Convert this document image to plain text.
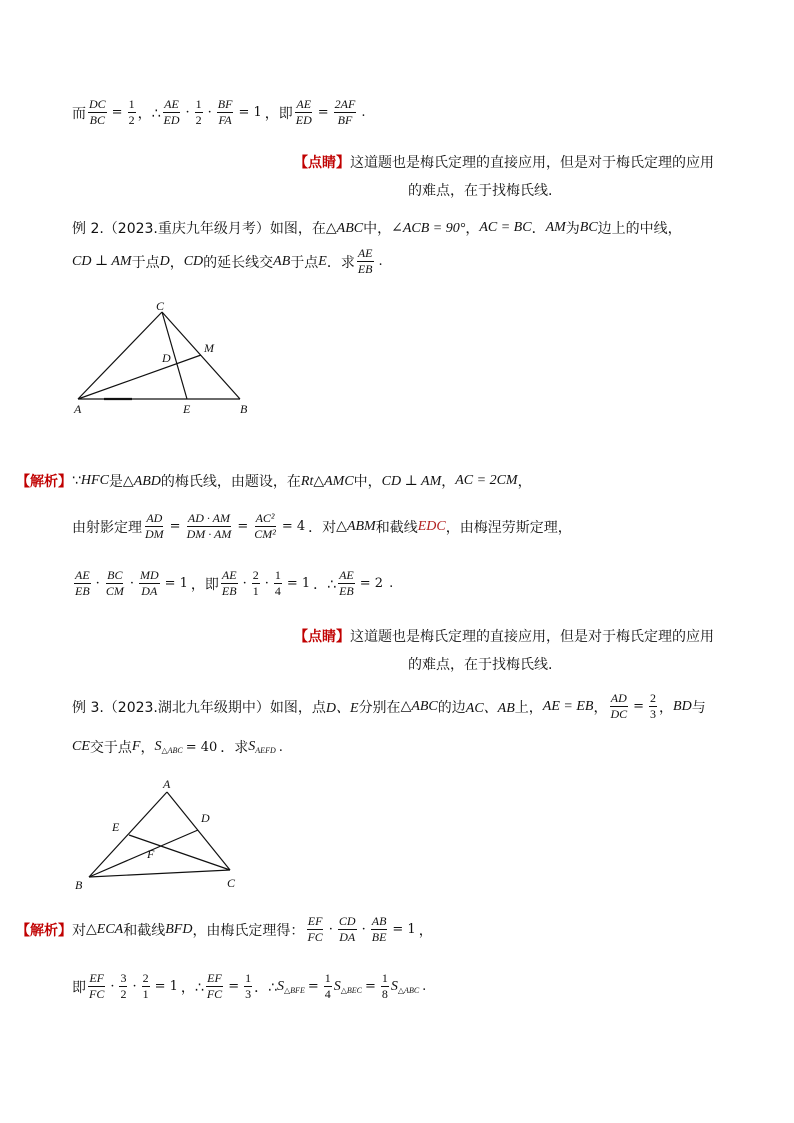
而 $\frac{DC}{BC} = \frac{1}{2}$ ，∴ $\frac{AE}{ED} \cdot \frac{1}{2} \cdot \frac{BF}{FA} = 1$ ，即 $\frac{AE}{ED} = \frac{2AF}{BF}$ .
【点睛】 这道题也是梅氏定理的直接应用，但是对于梅氏定理的应用
的难点，在于找梅氏线.
例 2.（2023.重庆九年级月考）如图，在 △ABC 中， ∠ACB = 90° ， AC = BC ． AM 为 BC 边上的中线，
CD ⊥ AM 于点 D ， CD 的延长线交 AB 于点 E ．求 $\frac{AE}{EB}$ .
C
M
D
A	E	B
【解析】 ∵ HFC 是 △ABD 的梅氏线，由题设，在 Rt△AMC 中， CD ⊥ AM ， AC = 2CM ，
由射影定理 $\frac{AD}{DM} = \frac{AD \cdot AM}{DM \cdot AM} = \frac{\text{AC²}}{\text{CM²}} = 4$ ．对 △ABM 和截线 EDC ，由梅涅劳斯定理，
$\frac{AE}{EB} \cdot \frac{BC}{CM} \cdot \frac{MD}{DA} = 1$ ，即 $\frac{AE}{EB} \cdot \frac{2}{1} \cdot \frac{1}{4} = 1$ ．∴ $\frac{AE}{EB} = 2$ .
【点睛】 这道题也是梅氏定理的直接应用，但是对于梅氏定理的应用
的难点，在于找梅氏线.
例 3.（2023.湖北九年级期中）如图，点 D、E 分别在 △ABC 的边 AC、AB 上， AE = EB ， $\frac{AD}{DC} = \frac{2}{3}$ ， BD 与
CE 交于点 F ， $S_{\triangle ABC} = 40$ ．求 $S_{AEFD}$ .
A
E
D
F
B	C
【解析】 对 △ECA 和截线 BFD ，由梅氏定理得： $\frac{EF}{FC} \cdot \frac{CD}{DA} \cdot \frac{AB}{BE} = 1$ ，
即 $\frac{EF}{FC} \cdot \frac{3}{2} \cdot \frac{2}{1} = 1$ ，∴ $\frac{EF}{FC} = \frac{1}{3}$ ．∴ $S_{\triangle BFE} = \frac{1}{4} S_{\triangle BEC} = \frac{1}{8} S_{\triangle ABC}$ .
